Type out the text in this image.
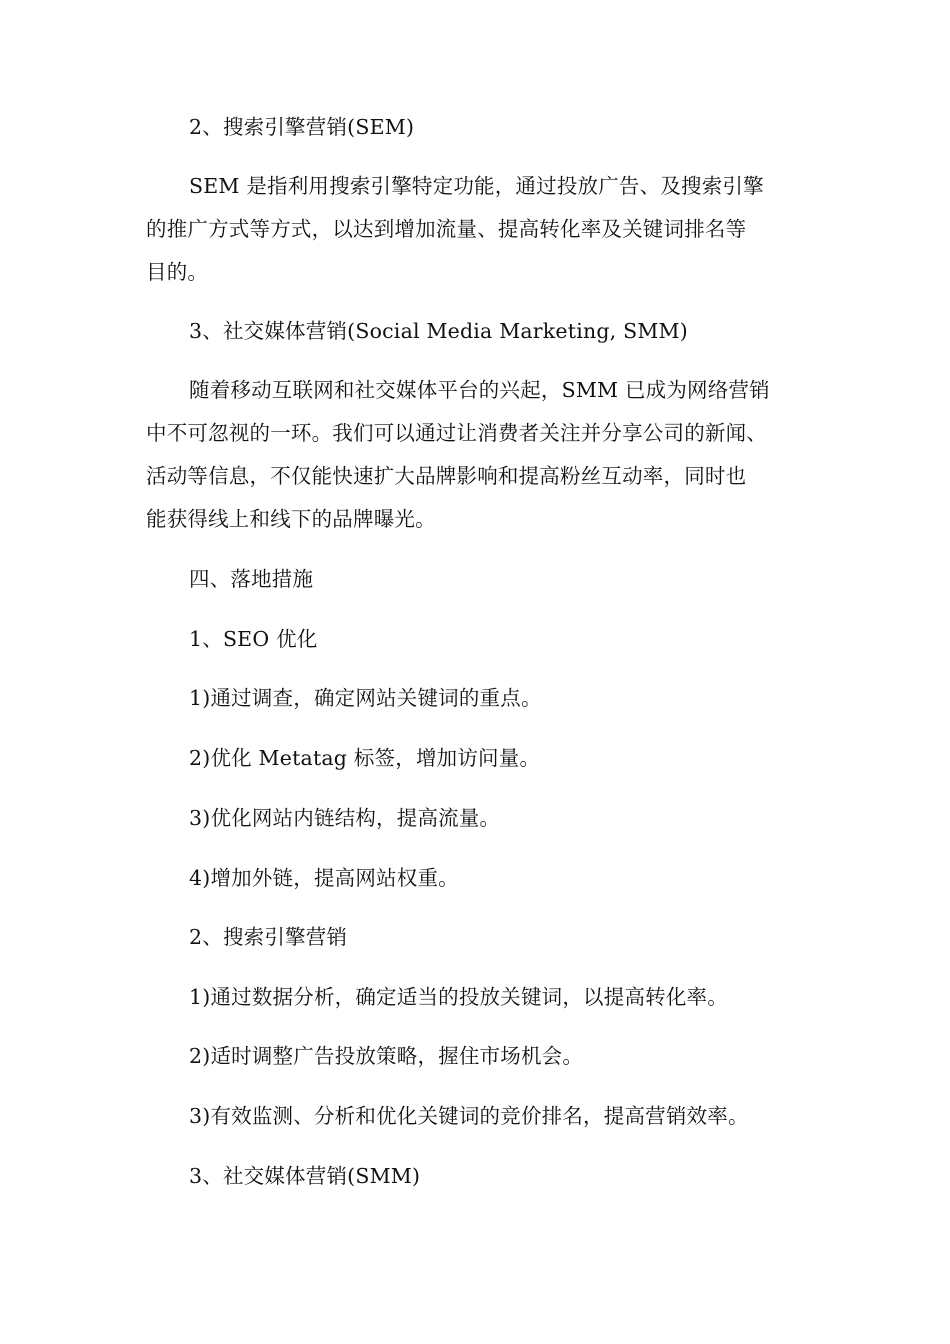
2、搜索引擎营销(SEM)
SEM 是指利用搜索引擎特定功能，通过投放广告、及搜索引擎
的推广方式等方式，以达到增加流量、提高转化率及关键词排名等
目的。
3、社交媒体营销(Social Media Marketing, SMM)
随着移动互联网和社交媒体平台的兴起，SMM 已成为网络营销
中不可忽视的一环。我们可以通过让消费者关注并分享公司的新闻、
活动等信息，不仅能快速扩大品牌影响和提高粉丝互动率，同时也
能获得线上和线下的品牌曝光。
四、落地措施
1、SEO 优化
1)通过调查，确定网站关键词的重点。
2)优化 Metatag 标签，增加访问量。
3)优化网站内链结构，提高流量。
4)增加外链，提高网站权重。
2、搜索引擎营销
1)通过数据分析，确定适当的投放关键词，以提高转化率。
2)适时调整广告投放策略，握住市场机会。
3)有效监测、分析和优化关键词的竞价排名，提高营销效率。
3、社交媒体营销(SMM)
